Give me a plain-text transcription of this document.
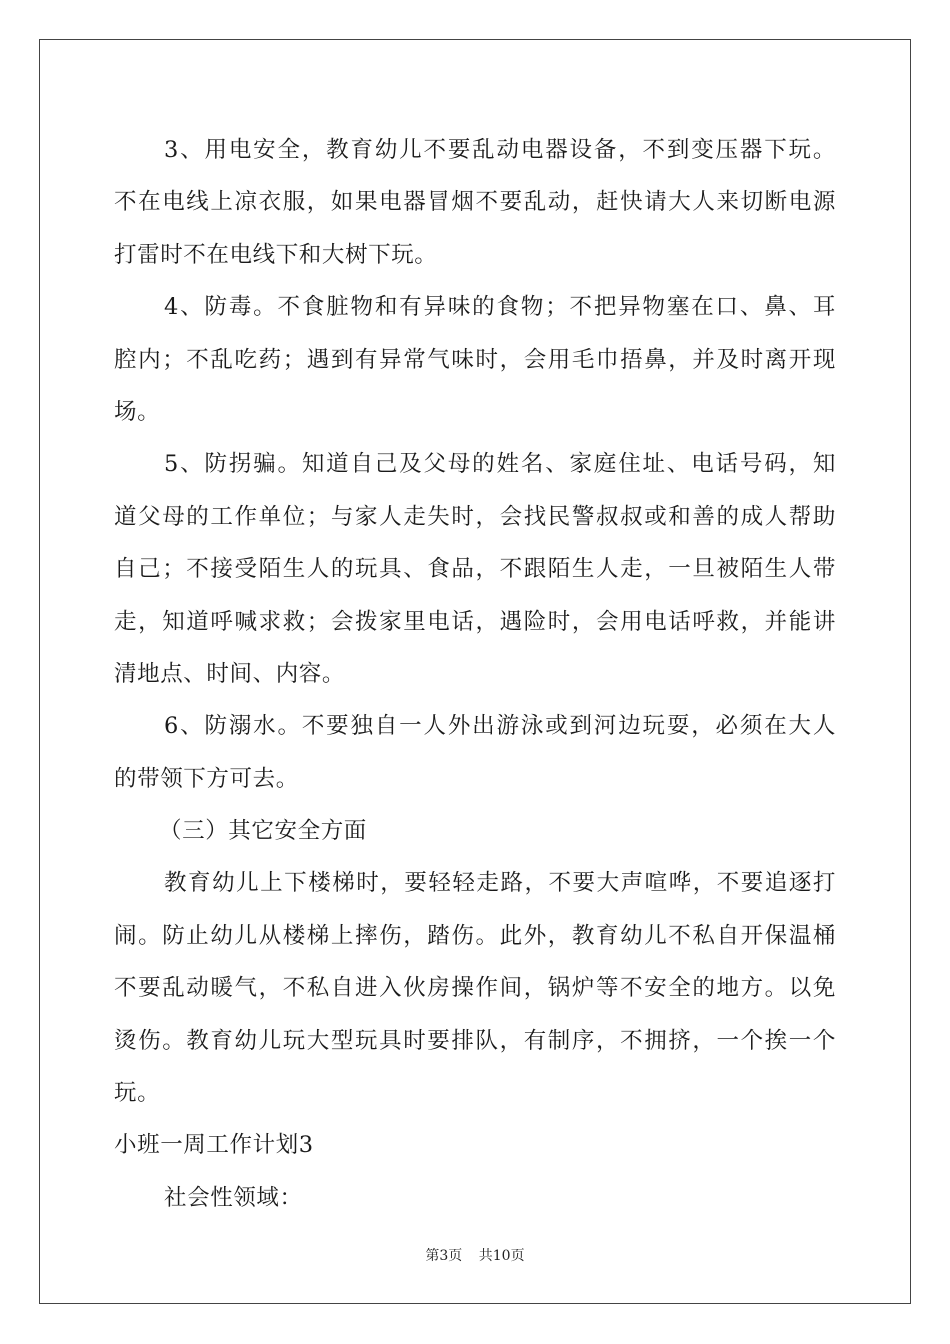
3、用电安全，教育幼儿不要乱动电器设备，不到变压器下玩。
不在电线上凉衣服，如果电器冒烟不要乱动，赶快请大人来切断电源
打雷时不在电线下和大树下玩。
4、防毒。不食脏物和有异味的食物；不把异物塞在口、鼻、耳
腔内；不乱吃药；遇到有异常气味时，会用毛巾捂鼻，并及时离开现
场。
5、防拐骗。知道自己及父母的姓名、家庭住址、电话号码，知
道父母的工作单位；与家人走失时，会找民警叔叔或和善的成人帮助
自己；不接受陌生人的玩具、食品，不跟陌生人走，一旦被陌生人带
走，知道呼喊求救；会拨家里电话，遇险时，会用电话呼救，并能讲
清地点、时间、内容。
6、防溺水。不要独自一人外出游泳或到河边玩耍，必须在大人
的带领下方可去。
（三）其它安全方面
教育幼儿上下楼梯时，要轻轻走路，不要大声喧哗，不要追逐打
闹。防止幼儿从楼梯上摔伤，踏伤。此外，教育幼儿不私自开保温桶
不要乱动暖气，不私自进入伙房操作间，锅炉等不安全的地方。以免
烫伤。教育幼儿玩大型玩具时要排队，有制序，不拥挤，一个挨一个
玩。
小班一周工作计划3
社会性领域：
第3页 共10页
